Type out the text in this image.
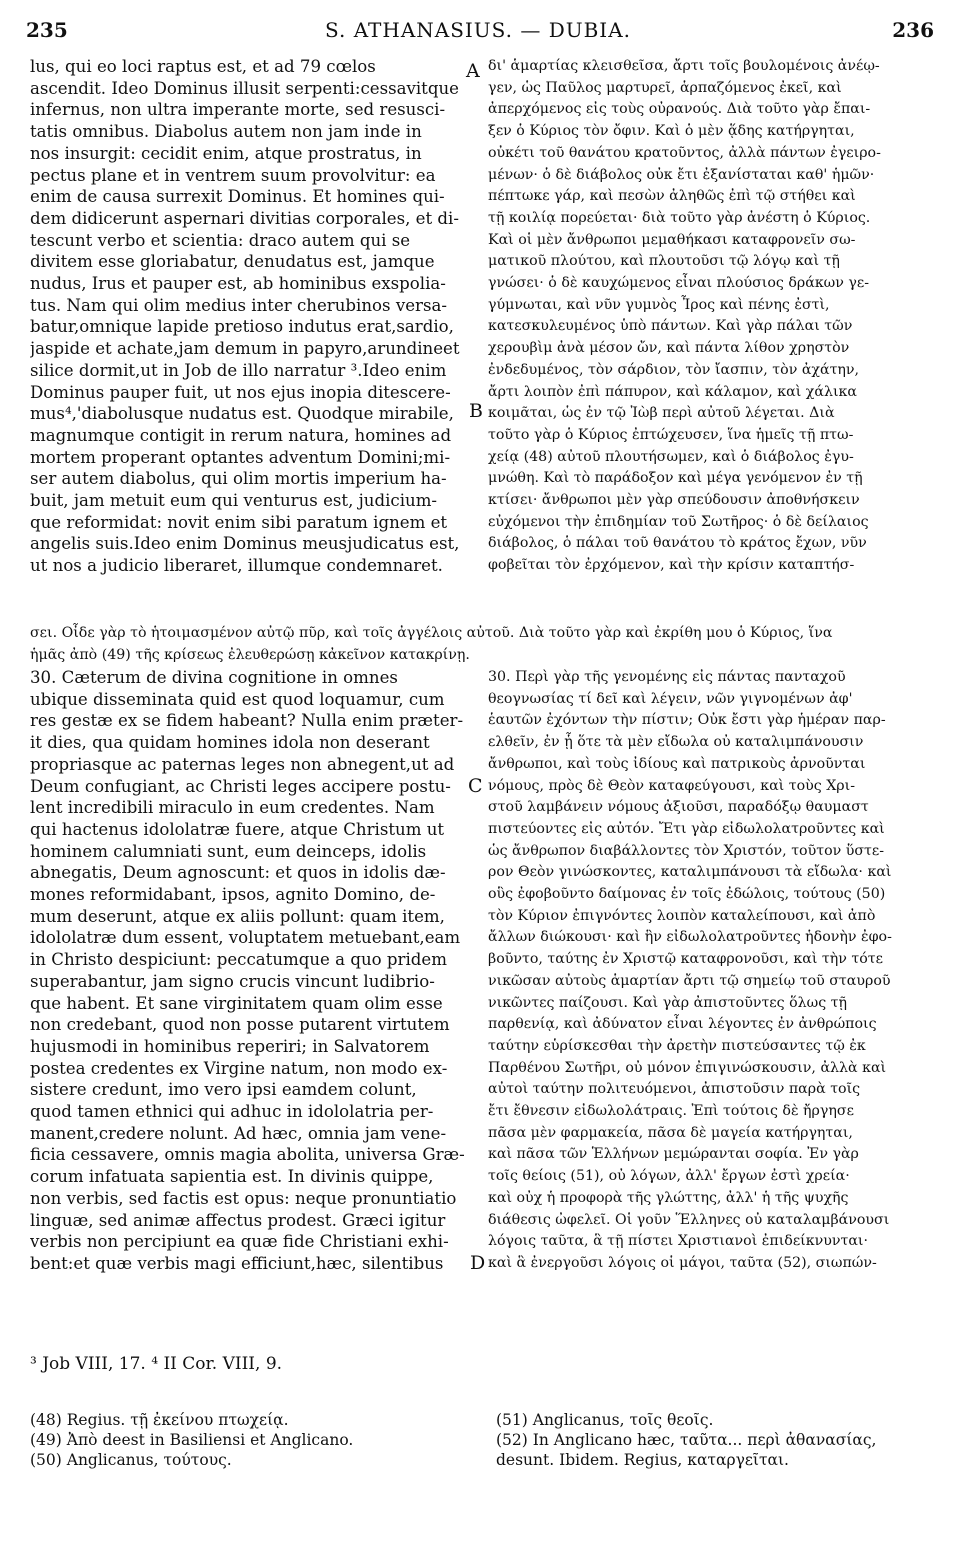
235	S. ATHANASIUS. — DUBIA.	236
lus, qui eo loci raptus est, et ad 79 cœlos
ascendit. Ideo Dominus illusit serpenti:cessavitque
infernus, non ultra imperante morte, sed resusci-
tatis omnibus. Diabolus autem non jam inde in
nos insurgit: cecidit enim, atque prostratus, in
pectus plane et in ventrem suum provolvitur: ea
enim de causa surrexit Dominus. Et homines qui-
dem didicerunt aspernari divitias corporales, et di-
tescunt verbo et scientia: draco autem qui se
divitem esse gloriabatur, denudatus est, jamque
nudus, Irus et pauper est, ab hominibus exspolia-
tus. Nam qui olim medius inter cherubinos versa-
batur,omnique lapide pretioso indutus erat,sardio,
jaspide et achate,jam demum in papyro,arundineet
silice dormit,ut in Job de illo narratur ³.Ideo enim
Dominus pauper fuit, ut nos ejus inopia ditescere-
mus⁴,'diabolusque nudatus est. Quodque mirabile,
magnumque contigit in rerum natura, homines ad
mortem properant optantes adventum Domini;mi-
ser autem diabolus, qui olim mortis imperium ha-
buit, jam metuit eum qui venturus est, judicium-
que reformidat: novit enim sibi paratum ignem et
angelis suis.Ideo enim Dominus meusjudicatus est,
ut nos a judicio liberaret, illumque condemnaret.
δι' ἁμαρτίας κλεισθεῖσα, ἄρτι τοῖς βουλομένοις ἀνέῳ-
γεν, ὡς Παῦλος μαρτυρεῖ, ἁρπαζόμενος ἐκεῖ, καὶ
ἀπερχόμενος εἰς τοὺς οὐρανούς. Διὰ τοῦτο γὰρ ἔπαι-
ξεν ὁ Κύριος τὸν ὄφιν. Καὶ ὁ μὲν ᾅδης κατήργηται,
οὐκέτι τοῦ θανάτου κρατοῦντος, ἀλλὰ πάντων ἐγειρο-
μένων· ὁ δὲ διάβολος οὐκ ἔτι ἐξανίσταται καθ' ἡμῶν·
πέπτωκε γάρ, καὶ πεσὼν ἀληθῶς ἐπὶ τῷ στήθει καὶ
τῇ κοιλίᾳ πορεύεται· διὰ τοῦτο γὰρ ἀνέστη ὁ Κύριος.
Καὶ οἱ μὲν ἄνθρωποι μεμαθήκασι καταφρονεῖν σω-
ματικοῦ πλούτου, καὶ πλουτοῦσι τῷ λόγῳ καὶ τῇ
γνώσει· ὁ δὲ καυχώμενος εἶναι πλούσιος δράκων γε-
γύμνωται, καὶ νῦν γυμνὸς Ἶρος καὶ πένης ἐστὶ,
κατεσκυλευμένος ὑπὸ πάντων. Καὶ γὰρ πάλαι τῶν
χερουβὶμ ἀνὰ μέσον ὤν, καὶ πάντα λίθον χρηστὸν
ἐνδεδυμένος, τὸν σάρδιον, τὸν ἴασπιν, τὸν ἀχάτην,
ἄρτι λοιπὸν ἐπὶ πάπυρον, καὶ κάλαμον, καὶ χάλικα
κοιμᾶται, ὡς ἐν τῷ Ἰὼβ περὶ αὐτοῦ λέγεται. Διὰ
τοῦτο γὰρ ὁ Κύριος ἐπτώχευσεν, ἵνα ἡμεῖς τῇ πτω-
χείᾳ (48) αὐτοῦ πλουτήσωμεν, καὶ ὁ διάβολος ἐγυ-
μνώθη. Καὶ τὸ παράδοξον καὶ μέγα γενόμενον ἐν τῇ
κτίσει· ἄνθρωποι μὲν γὰρ σπεύδουσιν ἀποθνήσκειν
εὐχόμενοι τὴν ἐπιδημίαν τοῦ Σωτῆρος· ὁ δὲ δείλαιος
διάβολος, ὁ πάλαι τοῦ θανάτου τὸ κράτος ἔχων, νῦν
φοβεῖται τὸν ἐρχόμενον, καὶ τὴν κρίσιν καταπτήσ-
σει. Οἶδε γὰρ τὸ ἡτοιμασμένον αὐτῷ πῦρ, καὶ τοῖς ἀγγέλοις αὐτοῦ. Διὰ τοῦτο γὰρ καὶ ἐκρίθη μου ὁ Κύριος, ἵνα
ἡμᾶς ἀπὸ (49) τῆς κρίσεως ἐλευθερώσῃ κἀκεῖνον κατακρίνῃ.
30. Cæterum de divina cognitione in omnes
ubique disseminata quid est quod loquamur, cum
res gestæ ex se fidem habeant? Nulla enim præter-
it dies, qua quidam homines idola non deserant
propriasque ac paternas leges non abnegent,ut ad
Deum confugiant, ac Christi leges accipere postu-
lent incredibili miraculo in eum credentes. Nam
qui hactenus idololatræ fuere, atque Christum ut
hominem calumniati sunt, eum deinceps, idolis
abnegatis, Deum agnoscunt: et quos in idolis dæ-
mones reformidabant, ipsos, agnito Domino, de-
mum deserunt, atque ex aliis pollunt: quam item,
idololatræ dum essent, voluptatem metuebant,eam
in Christo despiciunt: peccatumque a quo pridem
superabantur, jam signo crucis vincunt ludibrio-
que habent. Et sane virginitatem quam olim esse
non credebant, quod non posse putarent virtutem
hujusmodi in hominibus reperiri; in Salvatorem
postea credentes ex Virgine natum, non modo ex-
sistere credunt, imo vero ipsi eamdem colunt,
quod tamen ethnici qui adhuc in idololatria per-
manent,credere nolunt. Ad hæc, omnia jam vene-
ficia cessavere, omnis magia abolita, universa Græ-
corum infatuata sapientia est. In divinis quippe,
non verbis, sed factis est opus: neque pronuntiatio
linguæ, sed animæ affectus prodest. Græci igitur
verbis non percipiunt ea quæ fide Christiani exhi-
bent:et quæ verbis magi efficiunt,hæc, silentibus
30. Περὶ γὰρ τῆς γενομένης εἰς πάντας πανταχοῦ
θεογνωσίας τί δεῖ καὶ λέγειν, νῶν γιγνομένων ἀφ'
ἑαυτῶν ἐχόντων τὴν πίστιν; Οὐκ ἔστι γὰρ ἡμέραν παρ-
ελθεῖν, ἐν ᾗ ὅτε τὰ μὲν εἴδωλα οὐ καταλιμπάνουσιν
ἄνθρωποι, καὶ τοὺς ἰδίους καὶ πατρικοὺς ἀρνοῦνται
νόμους, πρὸς δὲ Θεὸν καταφεύγουσι, καὶ τοὺς Χρι-
στοῦ λαμβάνειν νόμους ἀξιοῦσι, παραδόξῳ θαυμαστ
πιστεύοντες εἰς αὐτόν. Ἔτι γὰρ εἰδωλολατροῦντες καὶ
ὡς ἄνθρωπον διαβάλλοντες τὸν Χριστόν, τοῦτον ὕστε-
ρον Θεὸν γινώσκοντες, καταλιμπάνουσι τὰ εἴδωλα· καὶ
οὓς ἐφοβοῦντο δαίμονας ἐν τοῖς ἐδώλοις, τούτους (50)
τὸν Κύριον ἐπιγνόντες λοιπὸν καταλείπουσι, καὶ ἀπὸ
ἄλλων διώκουσι· καὶ ἣν εἰδωλολατροῦντες ἡδονὴν ἐφο-
βοῦντο, ταύτης ἐν Χριστῷ καταφρονοῦσι, καὶ τὴν τότε
νικῶσαν αὐτοὺς ἁμαρτίαν ἄρτι τῷ σημείῳ τοῦ σταυροῦ
νικῶντες παίζουσι. Καὶ γὰρ ἀπιστοῦντες ὅλως τῇ
παρθενίᾳ, καὶ ἀδύνατον εἶναι λέγοντες ἐν ἀνθρώποις
ταύτην εὑρίσκεσθαι τὴν ἀρετὴν πιστεύσαντες τῷ ἐκ
Παρθένου Σωτῆρι, οὐ μόνον ἐπιγινώσκουσιν, ἀλλὰ καὶ
αὐτοὶ ταύτην πολιτευόμενοι, ἀπιστοῦσιν παρὰ τοῖς
ἔτι ἔθνεσιν εἰδωλολάτραις. Ἐπὶ τούτοις δὲ ἤργησε
πᾶσα μὲν φαρμακεία, πᾶσα δὲ μαγεία κατήργηται,
καὶ πᾶσα τῶν Ἑλλήνων μεμώρανται σοφία. Ἐν γὰρ
τοῖς θείοις (51), οὐ λόγων, ἀλλ' ἔργων ἐστὶ χρεία·
καὶ οὐχ ἡ προφορὰ τῆς γλώττης, ἀλλ' ἡ τῆς ψυχῆς
διάθεσις ὠφελεῖ. Οἱ γοῦν Ἕλληνες οὐ καταλαμβάνουσι
λόγοις ταῦτα, ἃ τῇ πίστει Χριστιανοὶ ἐπιδείκνυνται·
καὶ ἃ ἐνεργοῦσι λόγοις οἱ μάγοι, ταῦτα (52), σιωπών-
A
B
C
D
³ Job VIII, 17. ⁴ II Cor. VIII, 9.
(48) Regius. τῇ ἐκείνου πτωχείᾳ.
(49) Ἀπὸ deest in Basiliensi et Anglicano.
(50) Anglicanus, τούτους.
(51) Anglicanus, τοῖς θεοῖς.
(52) In Anglicano hæc, ταῦτα... περὶ ἀθανασίας,
desunt. Ibidem. Regius, καταργεῖται.
